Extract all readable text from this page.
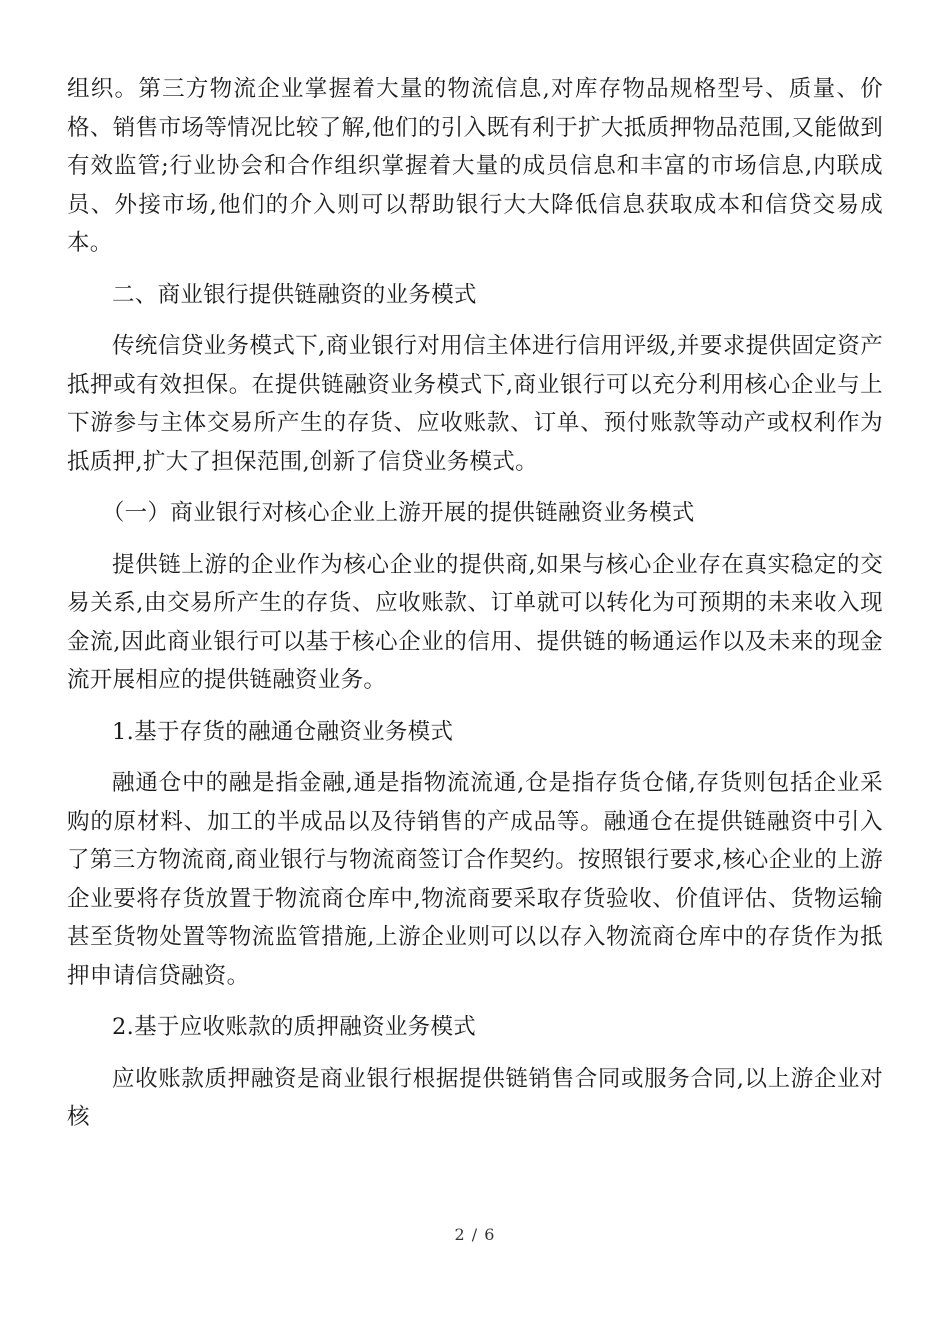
组织。第三方物流企业掌握着大量的物流信息,对库存物品规格型号、质量、价格、销售市场等情况比较了解,他们的引入既有利于扩大抵质押物品范围,又能做到有效监管;行业协会和合作组织掌握着大量的成员信息和丰富的市场信息,内联成员、外接市场,他们的介入则可以帮助银行大大降低信息获取成本和信贷交易成本。

二、商业银行提供链融资的业务模式

传统信贷业务模式下,商业银行对用信主体进行信用评级,并要求提供固定资产抵押或有效担保。在提供链融资业务模式下,商业银行可以充分利用核心企业与上下游参与主体交易所产生的存货、应收账款、订单、预付账款等动产或权利作为抵质押,扩大了担保范围,创新了信贷业务模式。

（一）商业银行对核心企业上游开展的提供链融资业务模式

提供链上游的企业作为核心企业的提供商,如果与核心企业存在真实稳定的交易关系,由交易所产生的存货、应收账款、订单就可以转化为可预期的未来收入现金流,因此商业银行可以基于核心企业的信用、提供链的畅通运作以及未来的现金流开展相应的提供链融资业务。

1.基于存货的融通仓融资业务模式

融通仓中的融是指金融,通是指物流流通,仓是指存货仓储,存货则包括企业采购的原材料、加工的半成品以及待销售的产成品等。融通仓在提供链融资中引入了第三方物流商,商业银行与物流商签订合作契约。按照银行要求,核心企业的上游企业要将存货放置于物流商仓库中,物流商要采取存货验收、价值评估、货物运输甚至货物处置等物流监管措施,上游企业则可以以存入物流商仓库中的存货作为抵押申请信贷融资。

2.基于应收账款的质押融资业务模式

应收账款质押融资是商业银行根据提供链销售合同或服务合同,以上游企业对核

2 / 6
